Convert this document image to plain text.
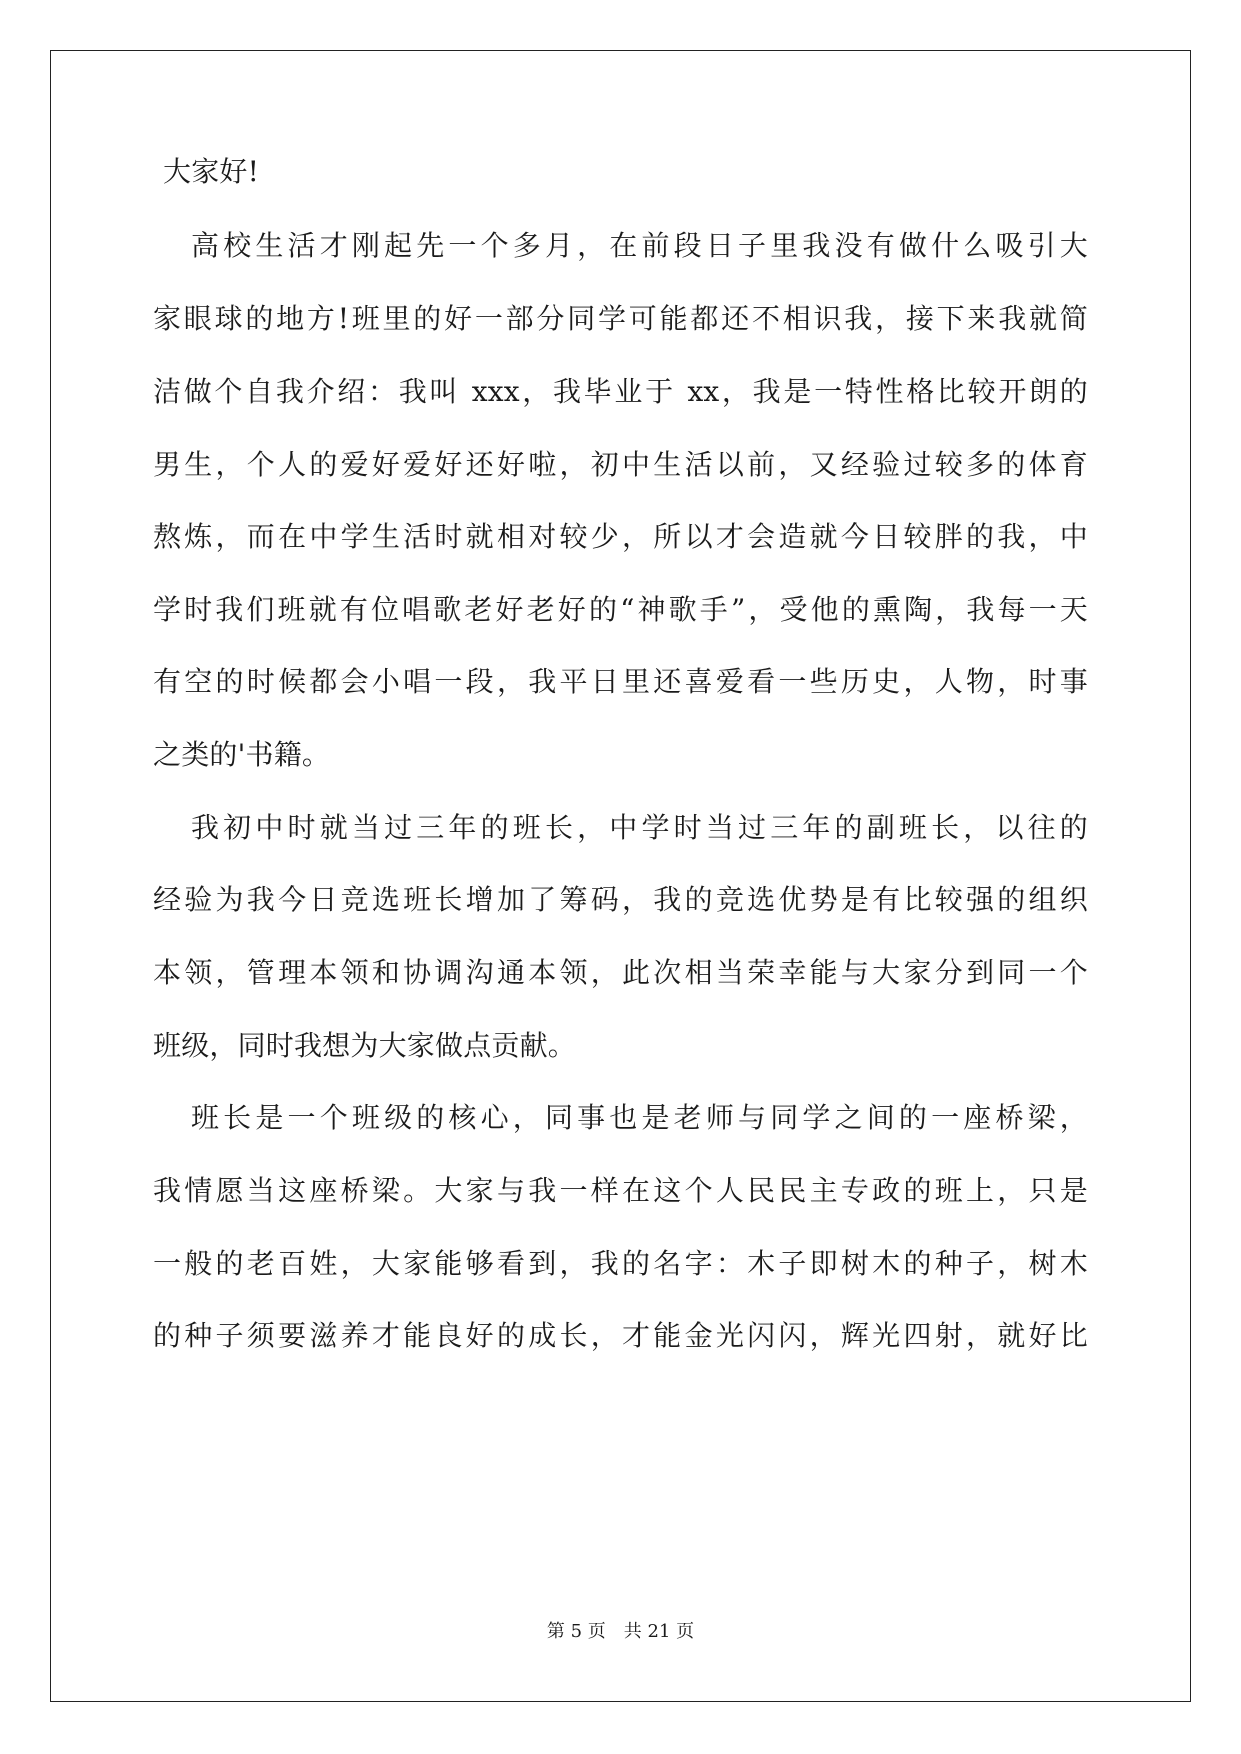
大家好!
高校生活才刚起先一个多月，在前段日子里我没有做什么吸引大
家眼球的地方!班里的好一部分同学可能都还不相识我，接下来我就简
洁做个自我介绍：我叫 xxx，我毕业于 xx，我是一特性格比较开朗的
男生，个人的爱好爱好还好啦，初中生活以前，又经验过较多的体育
熬炼，而在中学生活时就相对较少，所以才会造就今日较胖的我，中
学时我们班就有位唱歌老好老好的“神歌手”，受他的熏陶，我每一天
有空的时候都会小唱一段，我平日里还喜爱看一些历史，人物，时事
之类的'书籍。
我初中时就当过三年的班长，中学时当过三年的副班长，以往的
经验为我今日竞选班长增加了筹码，我的竞选优势是有比较强的组织
本领，管理本领和协调沟通本领，此次相当荣幸能与大家分到同一个
班级，同时我想为大家做点贡献。
班长是一个班级的核心，同事也是老师与同学之间的一座桥梁，
我情愿当这座桥梁。大家与我一样在这个人民民主专政的班上，只是
一般的老百姓，大家能够看到，我的名字：木子即树木的种子，树木
的种子须要滋养才能良好的成长，才能金光闪闪，辉光四射，就好比
第 5 页 共 21 页
